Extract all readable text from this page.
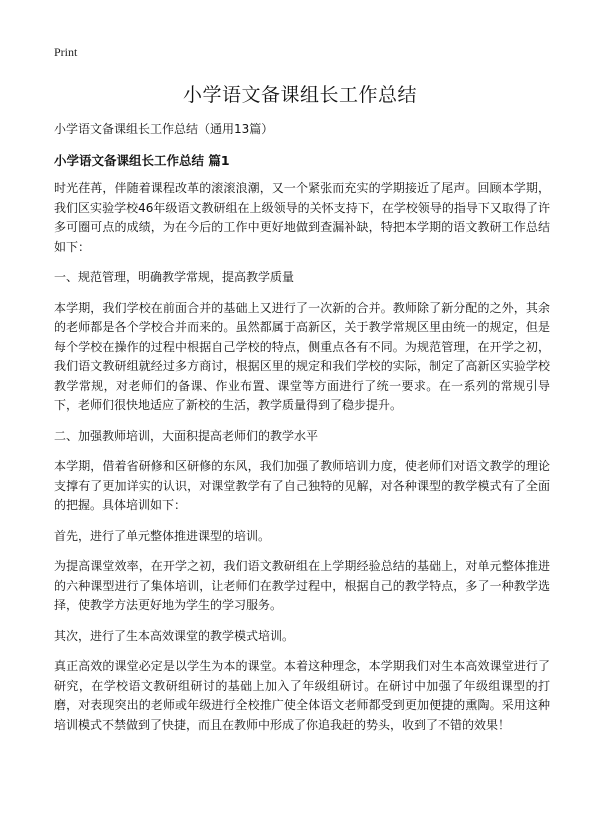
Print
小学语文备课组长工作总结
小学语文备课组长工作总结（通用13篇）
小学语文备课组长工作总结 篇1

时光荏苒，伴随着课程改革的滚滚浪潮，又一个紧张而充实的学期接近了尾声。回顾本学期，我们区实验学校46年级语文教研组在上级领导的关怀支持下，在学校领导的指导下又取得了许多可圈可点的成绩，为在今后的工作中更好地做到查漏补缺，特把本学期的语文教研工作总结如下：

一、规范管理，明确教学常规，提高教学质量

本学期，我们学校在前面合并的基础上又进行了一次新的合并。教师除了新分配的之外，其余的老师都是各个学校合并而来的。虽然都属于高新区，关于教学常规区里由统一的规定，但是每个学校在操作的过程中根据自己学校的特点，侧重点各有不同。为规范管理，在开学之初，我们语文教研组就经过多方商讨，根据区里的规定和我们学校的实际，制定了高新区实验学校教学常规，对老师们的备课、作业布置、课堂等方面进行了统一要求。在一系列的常规引导下，老师们很快地适应了新校的生活，教学质量得到了稳步提升。

二、加强教师培训，大面积提高老师们的教学水平

本学期，借着省研修和区研修的东风，我们加强了教师培训力度，使老师们对语文教学的理论支撑有了更加详实的认识，对课堂教学有了自己独特的见解，对各种课型的教学模式有了全面的把握。具体培训如下：

首先，进行了单元整体推进课型的培训。

为提高课堂效率，在开学之初，我们语文教研组在上学期经验总结的基础上，对单元整体推进的六种课型进行了集体培训，让老师们在教学过程中，根据自己的教学特点，多了一种教学选择，使教学方法更好地为学生的学习服务。

其次，进行了生本高效课堂的教学模式培训。

真正高效的课堂必定是以学生为本的课堂。本着这种理念，本学期我们对生本高效课堂进行了研究，在学校语文教研组研讨的基础上加入了年级组研讨。在研讨中加强了年级组课型的打磨，对表现突出的老师或年级进行全校推广使全体语文老师都受到更加便捷的熏陶。采用这种培训模式不禁做到了快捷，而且在教师中形成了你追我赶的势头，收到了不错的效果！
